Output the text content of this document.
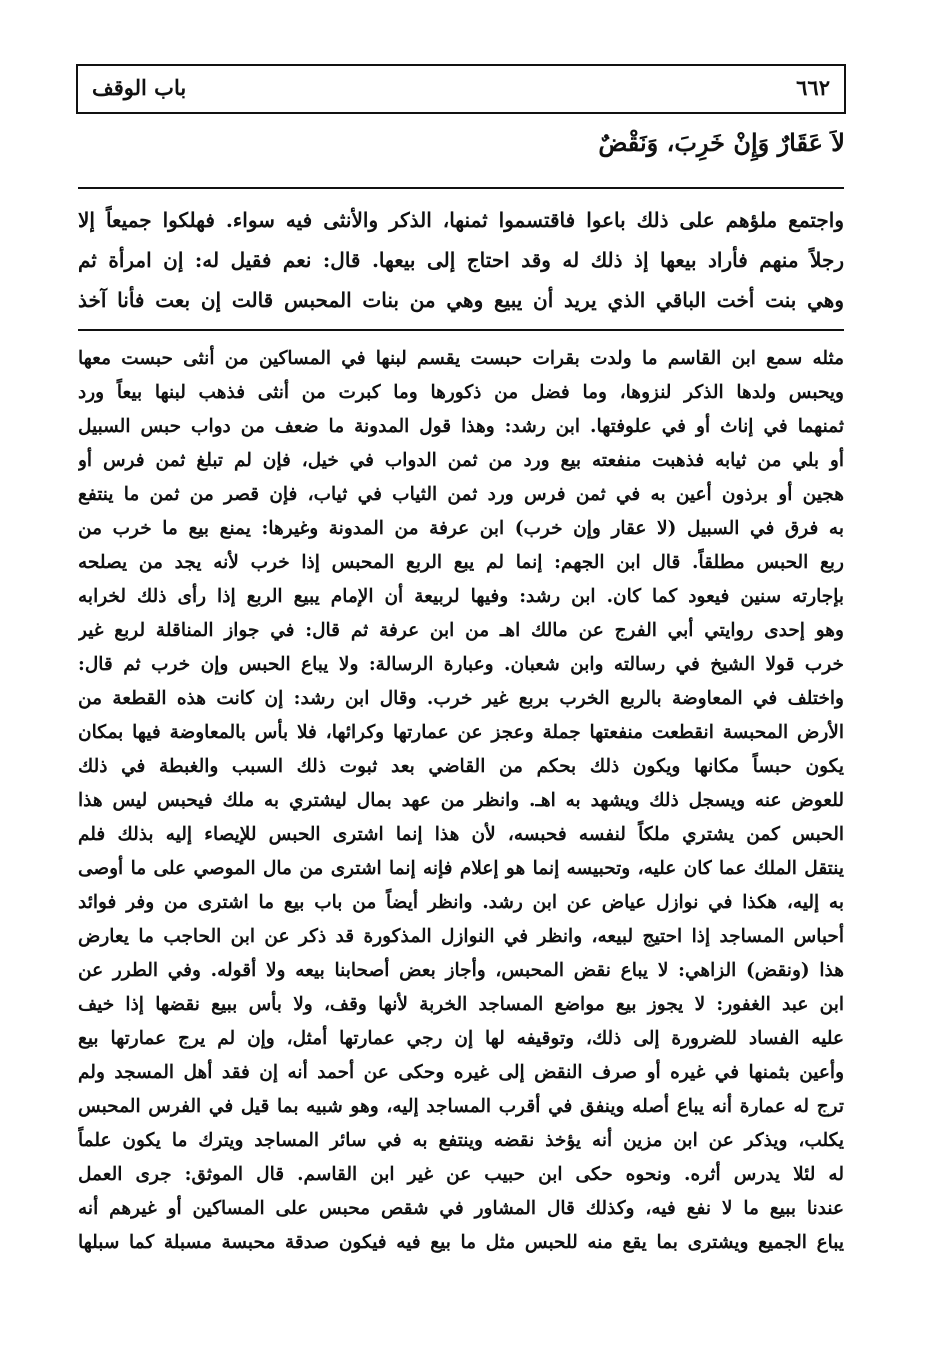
٦٦٢
باب الوقف
لاَ عَقَارٌ وَإِنْ خَرِبَ، وَنَقْضٌ
واجتمع ملؤهم على ذلك باعوا فاقتسموا ثمنها، الذكر والأنثى فيه سواء. فهلكوا جميعاً إلا
رجلاً منهم فأراد بيعها إذ ذلك له وقد احتاج إلى بيعها. قال: نعم فقيل له: إن امرأة ثم
وهي بنت أخت الباقي الذي يريد أن يبيع وهي من بنات المحبس قالت إن بعت فأنا آخذ
مثله سمع ابن القاسم ما ولدت بقرات حبست يقسم لبنها في المساكين من أنثى حبست معها
ويحبس ولدها الذكر لنزوها، وما فضل من ذكورها وما كبرت من أنثى فذهب لبنها بيعاً ورد
ثمنهما في إناث أو في علوفتها. ابن رشد: وهذا قول المدونة ما ضعف من دواب حبس السبيل
أو بلي من ثيابه فذهبت منفعته بيع ورد من ثمن الدواب في خيل، فإن لم تبلغ ثمن فرس أو
هجين أو برذون أعين به في ثمن فرس ورد ثمن الثياب في ثياب، فإن قصر من ثمن ما ينتفع
به فرق في السبيل (لا عقار وإن خرب) ابن عرفة من المدونة وغيرها: يمنع بيع ما خرب من
ربع الحبس مطلقاً. قال ابن الجهم: إنما لم يبع الربع المحبس إذا خرب لأنه يجد من يصلحه
بإجارته سنين فيعود كما كان. ابن رشد: وفيها لربيعة أن الإمام يبيع الربع إذا رأى ذلك لخرابه
وهو إحدى روايتي أبي الفرج عن مالك اهـ من ابن عرفة ثم قال: في جواز المناقلة لربع غير
خرب قولا الشيخ في رسالته وابن شعبان. وعبارة الرسالة: ولا يباع الحبس وإن خرب ثم قال:
واختلف في المعاوضة بالربع الخرب بربع غير خرب. وقال ابن رشد: إن كانت هذه القطعة من
الأرض المحبسة انقطعت منفعتها جملة وعجز عن عمارتها وكرائها، فلا بأس بالمعاوضة فيها بمكان
يكون حبساً مكانها ويكون ذلك بحكم من القاضي بعد ثبوت ذلك السبب والغبطة في ذلك
للعوض عنه ويسجل ذلك ويشهد به اهـ. وانظر من عهد بمال ليشتري به ملك فيحبس ليس هذا
الحبس كمن يشتري ملكاً لنفسه فحبسه، لأن هذا إنما اشترى الحبس للإيصاء إليه بذلك فلم
ينتقل الملك عما كان عليه، وتحبيسه إنما هو إعلام فإنه إنما اشترى من مال الموصي على ما أوصى
به إليه، هكذا في نوازل عياض عن ابن رشد. وانظر أيضاً من باب بيع ما اشترى من وفر فوائد
أحباس المساجد إذا احتيج لبيعه، وانظر في النوازل المذكورة قد ذكر عن ابن الحاجب ما يعارض
هذا (ونقض) الزاهي: لا يباع نقض المحبس، وأجاز بعض أصحابنا بيعه ولا أقوله. وفي الطرر عن
ابن عبد الغفور: لا يجوز بيع مواضع المساجد الخربة لأنها وقف، ولا بأس ببيع نقضها إذا خيف
عليه الفساد للضرورة إلى ذلك، وتوقيفه لها إن رجي عمارتها أمثل، وإن لم يرج عمارتها بيع
وأعين بثمنها في غيره أو صرف النقض إلى غيره وحكى عن أحمد أنه إن فقد أهل المسجد ولم
ترج له عمارة أنه يباع أصله وينفق في أقرب المساجد إليه، وهو شبيه بما قيل في الفرس المحبس
يكلب، ويذكر عن ابن مزين أنه يؤخذ نقضه وينتفع به في سائر المساجد ويترك ما يكون علماً
له لئلا يدرس أثره. ونحوه حكى ابن حبيب عن غير ابن القاسم. قال الموثق: جرى العمل
عندنا ببيع ما لا نفع فيه، وكذلك قال المشاور في شقص محبس على المساكين أو غيرهم أنه
يباع الجميع ويشترى بما يقع منه للحبس مثل ما بيع فيه فيكون صدقة محبسة مسبلة كما سبلها
